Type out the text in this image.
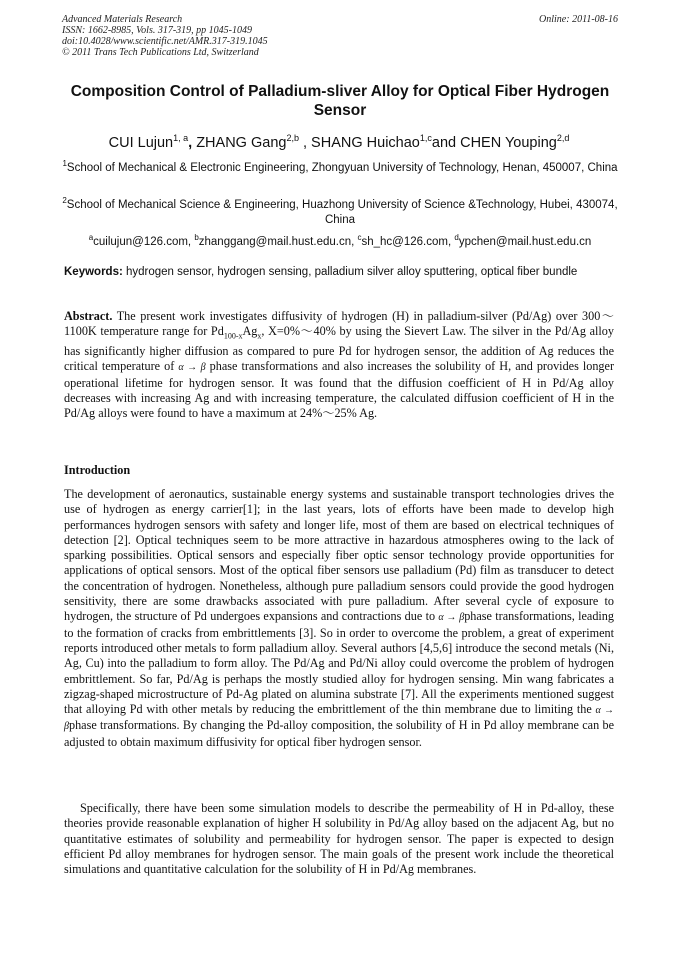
Advanced Materials Research
ISSN: 1662-8985, Vols. 317-319, pp 1045-1049
doi:10.4028/www.scientific.net/AMR.317-319.1045
© 2011 Trans Tech Publications Ltd, Switzerland
Online: 2011-08-16
Composition Control of Palladium-sliver Alloy for Optical Fiber Hydrogen Sensor
CUI Lujun$^{1, a}$, ZHANG Gang$^{2,b}$ , SHANG Huichao$^{1,c}$and CHEN Youping$^{2,d}$
$^1$School of Mechanical & Electronic Engineering, Zhongyuan University of Technology, Henan, 450007, China
$^2$School of Mechanical Science & Engineering, Huazhong University of Science &Technology, Hubei, 430074, China
$^a$cuilujun@126.com, $^b$zhanggang@mail.hust.edu.cn, $^c$sh_hc@126.com, $^d$ypchen@mail.hust.edu.cn
Keywords: hydrogen sensor, hydrogen sensing, palladium silver alloy sputtering, optical fiber bundle
Abstract. The present work investigates diffusivity of hydrogen (H) in palladium-silver (Pd/Ag) over 300～1100K temperature range for $Pd_{100-x}Ag_x$, X=0%～40% by using the Sievert Law. The silver in the Pd/Ag alloy has significantly higher diffusion as compared to pure Pd for hydrogen sensor, the addition of Ag reduces the critical temperature of α → β phase transformations and also increases the solubility of H, and provides longer operational lifetime for hydrogen sensor. It was found that the diffusion coefficient of H in Pd/Ag alloy decreases with increasing Ag and with increasing temperature, the calculated diffusion coefficient of H in the Pd/Ag alloys were found to have a maximum at 24%～25% Ag.
Introduction
The development of aeronautics, sustainable energy systems and sustainable transport technologies drives the use of hydrogen as energy carrier[1]; in the last years, lots of efforts have been made to develop high performances hydrogen sensors with safety and longer life, most of them are based on electrical techniques of detection [2]. Optical techniques seem to be more attractive in hazardous atmospheres owing to the lack of sparking possibilities. Optical sensors and especially fiber optic sensor technology provide opportunities for applications of optical sensors. Most of the optical fiber sensors use palladium (Pd) film as transducer to detect the concentration of hydrogen. Nonetheless, although pure palladium sensors could provide the good hydrogen sensitivity, there are some drawbacks associated with pure palladium. After several cycle of exposure to hydrogen, the structure of Pd undergoes expansions and contractions due to α → βphase transformations, leading to the formation of cracks from embrittlements [3]. So in order to overcome the problem, a great of experiment reports introduced other metals to form palladium alloy. Several authors [4,5,6] introduce the second metals (Ni, Ag, Cu) into the palladium to form alloy. The Pd/Ag and Pd/Ni alloy could overcome the problem of hydrogen embrittlement. So far, Pd/Ag is perhaps the mostly studied alloy for hydrogen sensing. Min wang fabricates a zigzag-shaped microstructure of Pd-Ag plated on alumina substrate [7]. All the experiments mentioned suggest that alloying Pd with other metals by reducing the embrittlement of the thin membrane due to limiting the α → βphase transformations. By changing the Pd-alloy composition, the solubility of H in Pd alloy membrane can be adjusted to obtain maximum diffusivity for optical fiber hydrogen sensor.
Specifically, there have been some simulation models to describe the permeability of H in Pd-alloy, these theories provide reasonable explanation of higher H solubility in Pd/Ag alloy based on the adjacent Ag, but no quantitative estimates of solubility and permeability for hydrogen sensor. The paper is expected to design efficient Pd alloy membranes for hydrogen sensor. The main goals of the present work include the theoretical simulations and quantitative calculation for the solubility of H in Pd/Ag membranes.
